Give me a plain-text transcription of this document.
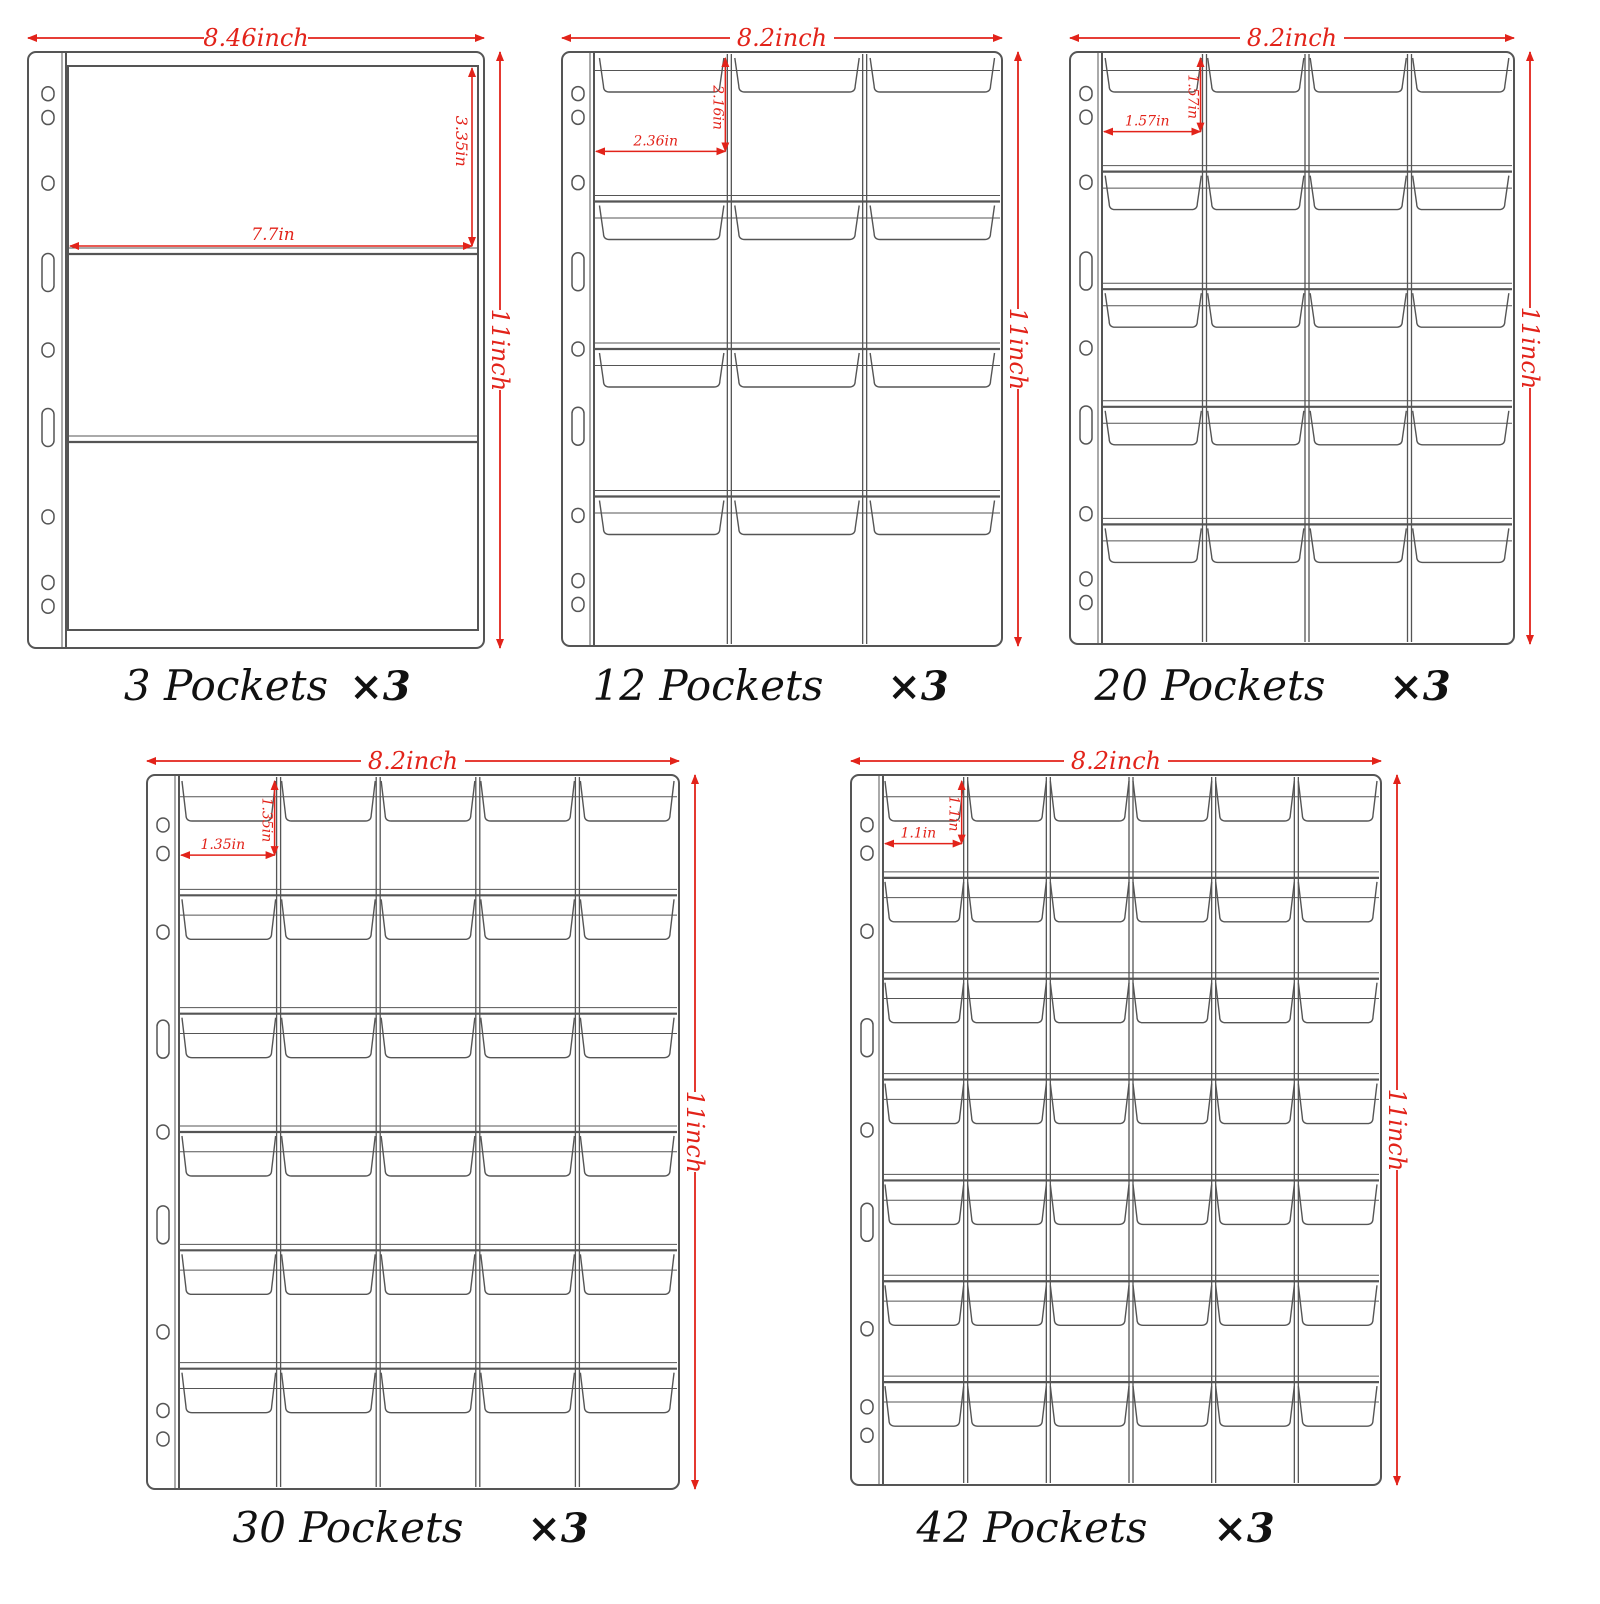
8.46inch
11inch
7.7in
3.35in
3 Pockets ×3
8.2inch
11inch
2.36in
2.16in
12 Pockets ×3
8.2inch
11inch
1.57in
1.57in
20 Pockets ×3
8.2inch
11inch
1.35in
1.35in
30 Pockets ×3
8.2inch
11inch
1.1in
1.1in
42 Pockets ×3
